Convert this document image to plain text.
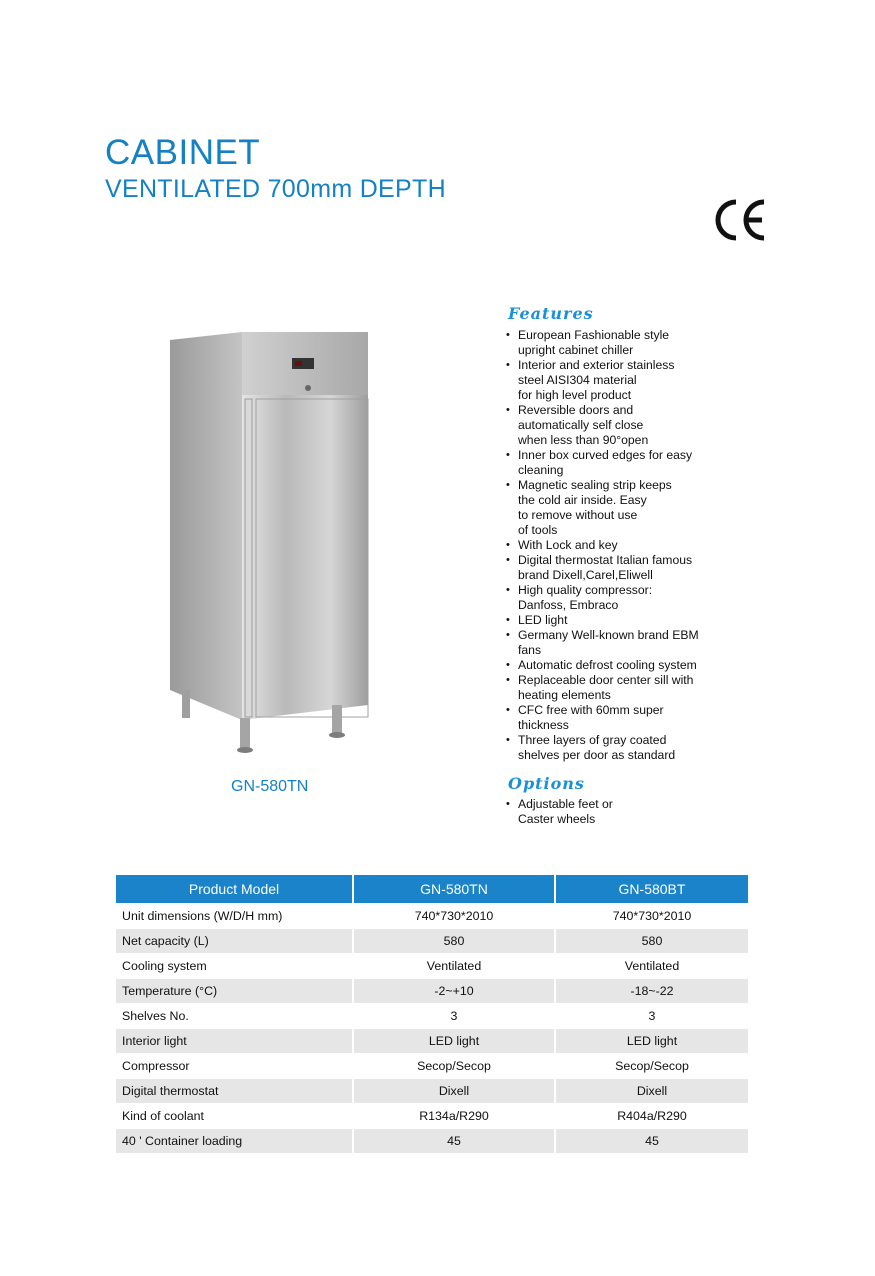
CABINET
VENTILATED 700mm DEPTH
GN-580TN
Features
• European Fashionable style
upright cabinet chiller
• Interior and exterior stainless
steel AISI304 material
for high level product
• Reversible doors and
automatically self close
when less than 90°open
• Inner box curved edges for easy
cleaning
• Magnetic sealing strip keeps
the cold air inside. Easy
to remove without use
of tools
• With Lock and key
• Digital thermostat Italian famous
brand Dixell,Carel,Eliwell
• High quality compressor:
Danfoss, Embraco
• LED light
• Germany Well-known brand EBM
fans
• Automatic defrost cooling system
• Replaceable door center sill with
heating elements
• CFC free with 60mm super
thickness
• Three layers of gray coated
shelves per door as standard
Options
• Adjustable feet or
Caster wheels
Product Model	GN-580TN	GN-580BT
Unit dimensions (W/D/H mm)	740*730*2010	740*730*2010
Net capacity (L)	580	580
Cooling system	Ventilated	Ventilated
Temperature (°C)	-2~+10	-18~-22
Shelves No.	3	3
Interior light	LED light	LED light
Compressor	Secop/Secop	Secop/Secop
Digital thermostat	Dixell	Dixell
Kind of coolant	R134a/R290	R404a/R290
40 ' Container loading	45	45
